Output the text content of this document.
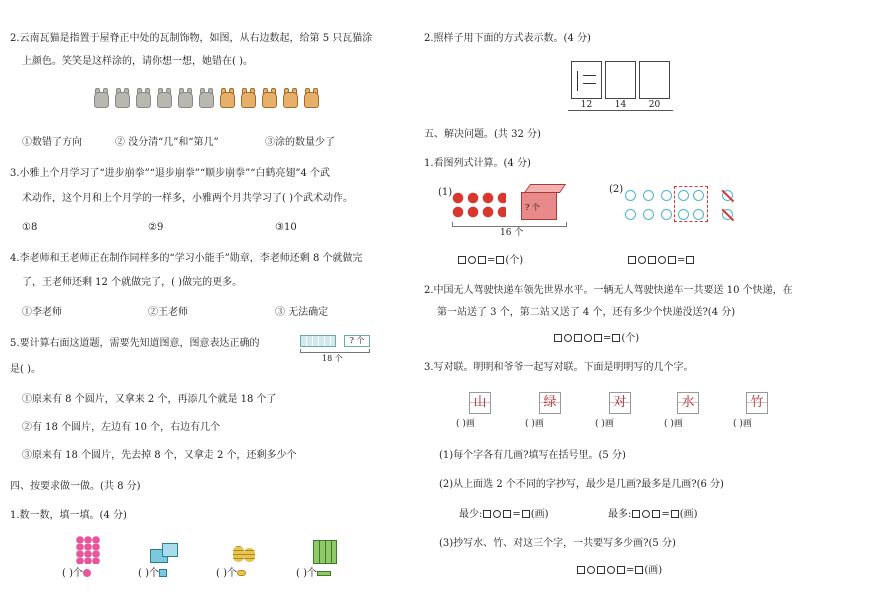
2.云南瓦猫是指置于屋脊正中处的瓦制饰物，如图，从右边数起，给第 5 只瓦猫涂
上颜色。笑笑是这样涂的，请你想一想，她错在( )。
①数错了方向	② 没分清“几”和“第几”	③涂的数量少了
3.小雅上个月学习了“进步崩拳”“退步崩拳”“顺步崩拳”“白鹤亮翅”4 个武
术动作，这个月和上个月学的一样多，小雅两个月共学习了( )个武术动作。
①8	②9	③10
4.李老师和王老师正在制作同样多的“学习小能手”勋章，李老师还剩 8 个就做完
了，王老师还剩 12 个就做完了，( )做完的更多。
①李老师	②王老师	③ 无法确定
5.要计算右面这道题，需要先知道图意，图意表达正确的	? 个
18 个
是( )。
①原来有 8 个圆片，又拿来 2 个，再添几个就是 18 个了
②有 18 个圆片，左边有 10 个，右边有几个
③原来有 18 个圆片，先去掉 8 个，又拿走 2 个，还剩多少个
四、按要求做一做。(共 8 分)
1.数一数，填一填。(4 分)
( )个	( )个	( )个	( )个
2.照样子用下面的方式表示数。(4 分)
12	14	20
五、解决问题。(共 32 分)
1.看图列式计算。(4 分)
(1)
? 个
16 个
(2)
= (个)	=
2.中国无人驾驶快递车领先世界水平。一辆无人驾驶快递车一共要送 10 个快递，在
第一站送了 3 个，第二站又送了 4 个，还有多少个快递没送?(4 分)
= (个)
3.写对联。明明和爷爷一起写对联。下面是明明写的几个字。
山	绿	对	水	竹
( )画	( )画	( )画	( )画	( )画
(1)每个字各有几画?填写在括号里。(5 分)
(2)从上面选 2 个不同的字抄写，最少是几画?最多是几画?(6 分)
最少:	= (画)	最多:	= (画)
(3)抄写水、竹、对这三个字，一共要写多少画?(5 分)
= (画)
